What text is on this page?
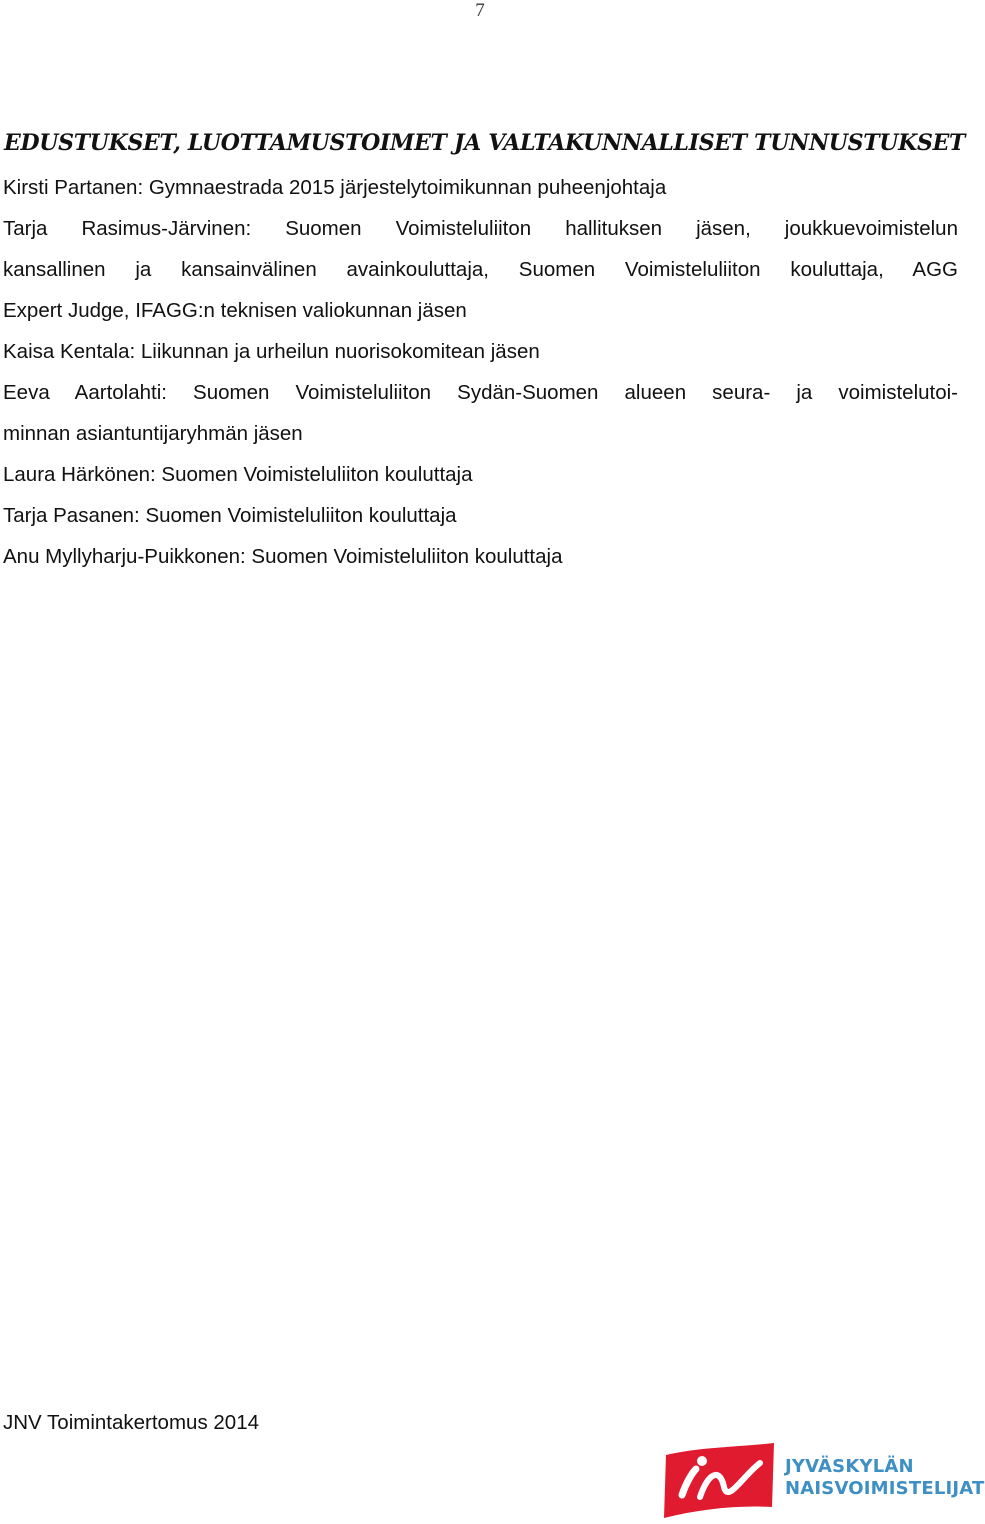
7
EDUSTUKSET, LUOTTAMUSTOIMET JA VALTAKUNNALLISET TUNNUSTUKSET
Kirsti Partanen: Gymnaestrada 2015 järjestelytoimikunnan puheenjohtaja
Tarja Rasimus-Järvinen: Suomen Voimisteluliiton hallituksen jäsen, joukkuevoimistelun
kansallinen ja kansainvälinen avainkouluttaja, Suomen Voimisteluliiton kouluttaja, AGG
Expert Judge, IFAGG:n teknisen valiokunnan jäsen
Kaisa Kentala: Liikunnan ja urheilun nuorisokomitean jäsen
Eeva Aartolahti: Suomen Voimisteluliiton Sydän-Suomen alueen seura- ja voimistelutoi-
minnan asiantuntijaryhmän jäsen
Laura Härkönen: Suomen Voimisteluliiton kouluttaja
Tarja Pasanen: Suomen Voimisteluliiton kouluttaja
Anu Myllyharju-Puikkonen: Suomen Voimisteluliiton kouluttaja
JNV Toimintakertomus 2014
JYVÄSKYLÄN
NAISVOIMISTELIJAT
